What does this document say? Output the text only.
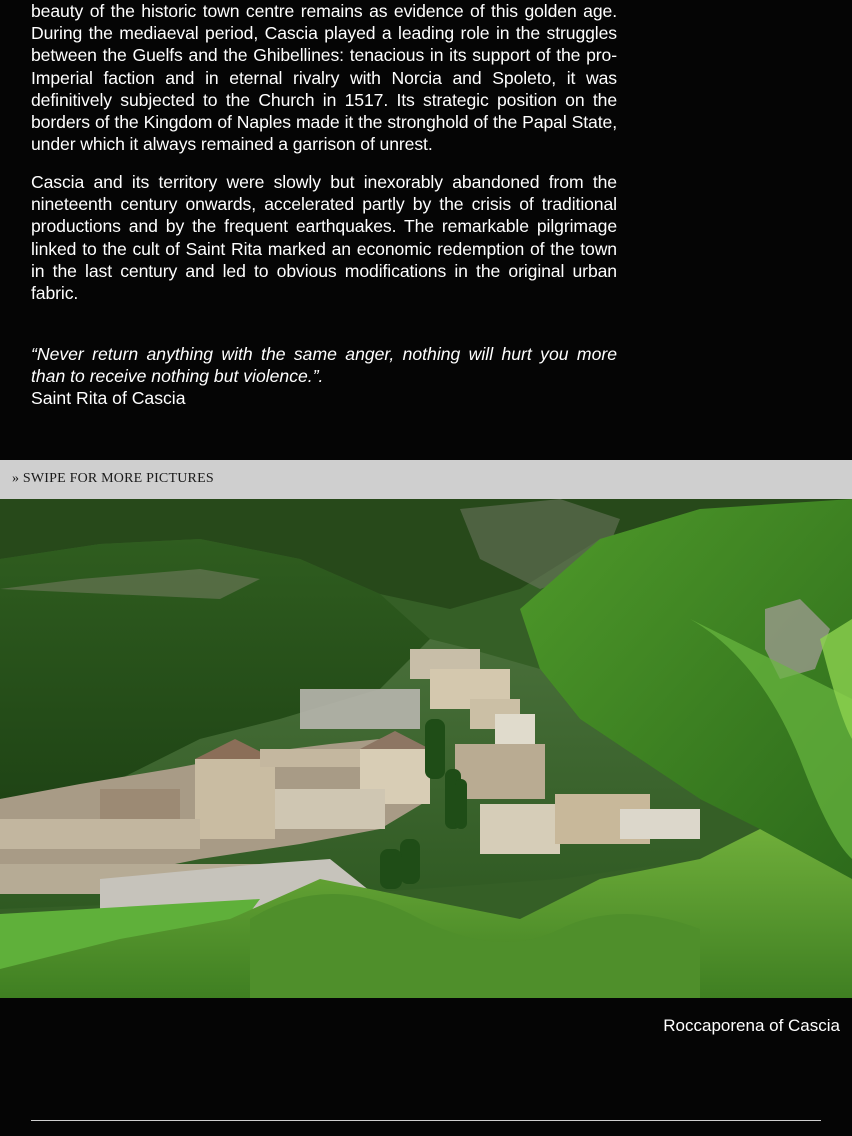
beauty of the historic town centre remains as evidence of this golden age. During the mediaeval period, Cascia played a leading role in the struggles between the Guelfs and the Ghibellines: tenacious in its support of the pro-Imperial faction and in eternal rivalry with Norcia and Spoleto, it was definitively subjected to the Church in 1517. Its strategic position on the borders of the Kingdom of Naples made it the stronghold of the Papal State, under which it always remained a garrison of unrest.

Cascia and its territory were slowly but inexorably abandoned from the nineteenth century onwards, accelerated partly by the crisis of traditional productions and by the frequent earthquakes. The remarkable pilgrimage linked to the cult of Saint Rita marked an economic redemption of the town in the last century and led to obvious modifications in the original urban fabric.

“Never return anything with the same anger, nothing will hurt you more than to receive nothing but violence.”.

Saint Rita of Cascia

» SWIPE FOR MORE PICTURES
Roccaporena of Cascia
